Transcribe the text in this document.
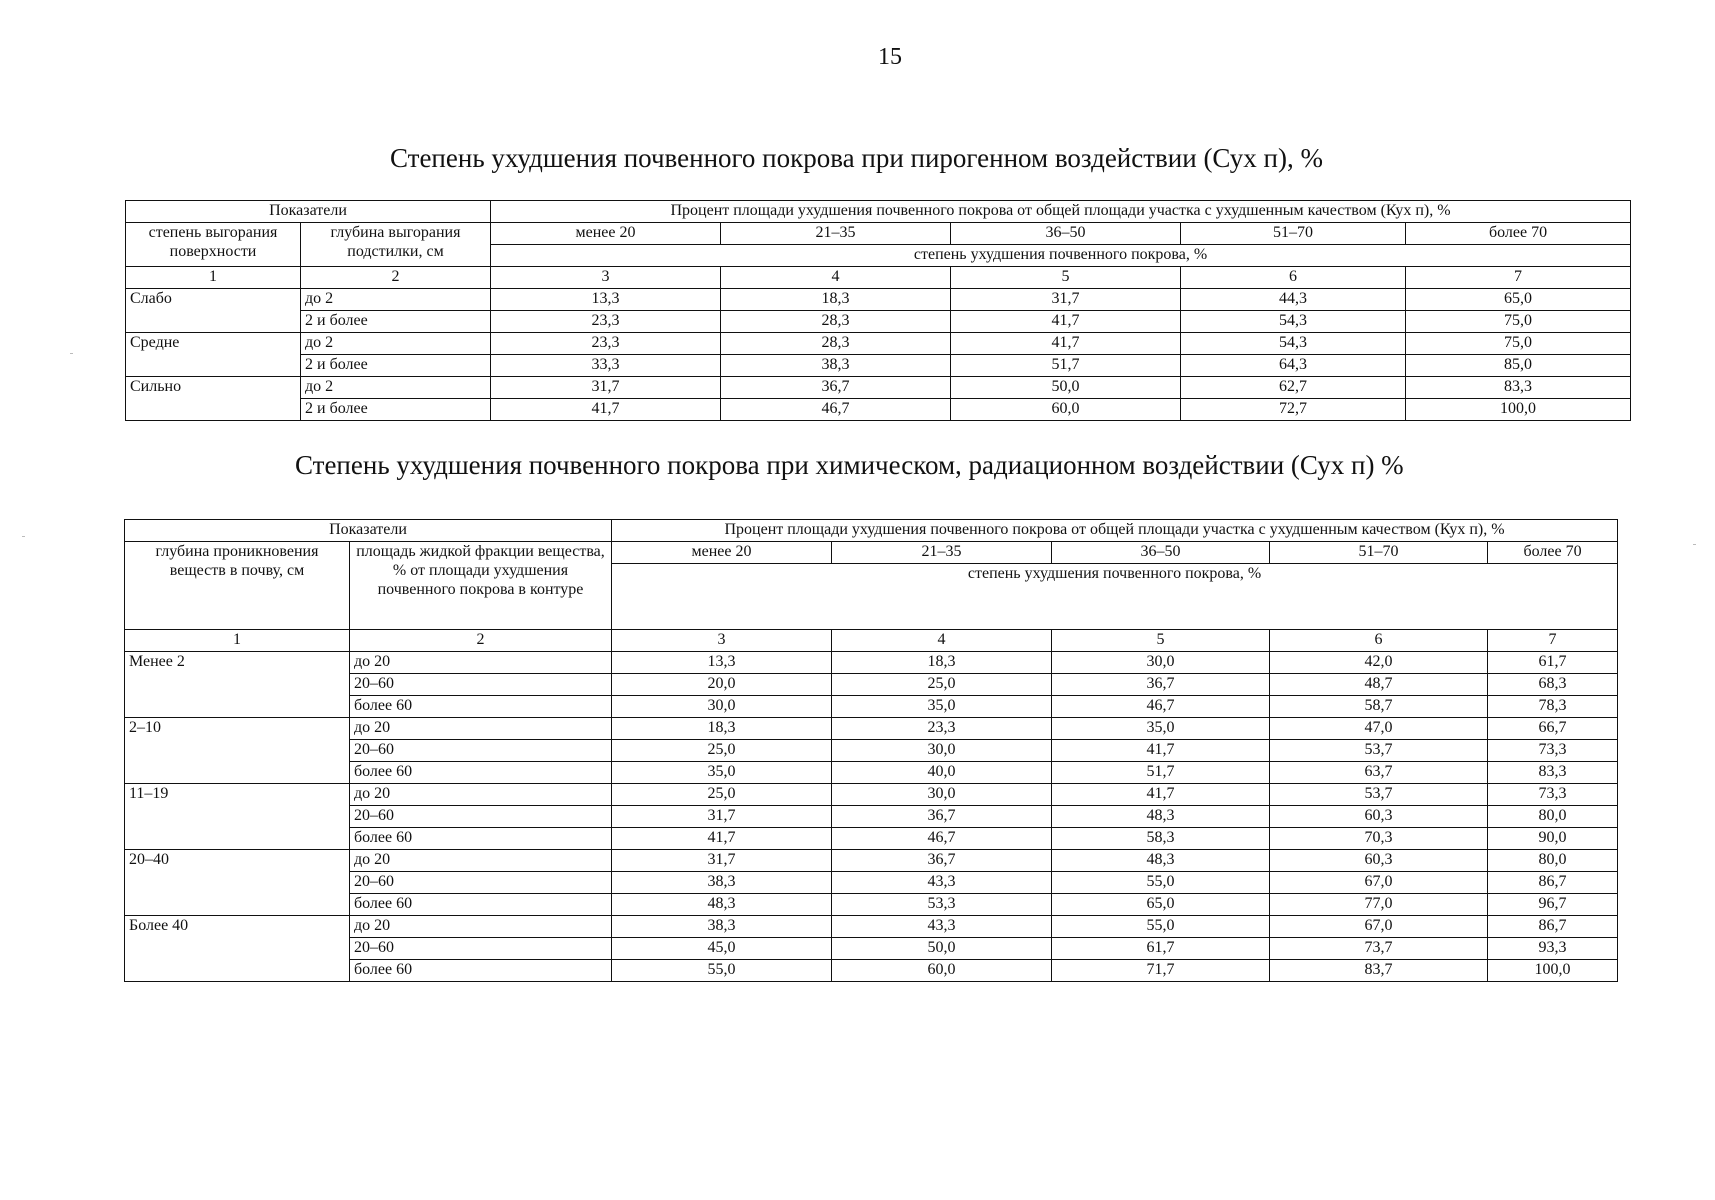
15
Степень ухудшения почвенного покрова при пирогенном воздействии (Сух п), %
Показатели		Процент площади ухудшения почвенного покрова от общей площади участка с ухудшенным качеством (Кух п), %				
степень выгорания поверхности	глубина выгорания подстилки, см	менее 20	21–35	36–50	51–70	более 70
		степень ухудшения почвенного покрова, %				
1	2	3	4	5	6	7
Слабо	до 2	13,3	18,3	31,7	44,3	65,0
	2 и более	23,3	28,3	41,7	54,3	75,0
Средне	до 2	23,3	28,3	41,7	54,3	75,0
	2 и более	33,3	38,3	51,7	64,3	85,0
Сильно	до 2	31,7	36,7	50,0	62,7	83,3
	2 и более	41,7	46,7	60,0	72,7	100,0
Степень ухудшения почвенного покрова при химическом, радиационном воздействии (Сух п) %
Показатели		Процент площади ухудшения почвенного покрова от общей площади участка с ухудшенным качеством (Кух п), %				
глубина проникновения веществ в почву, см	площадь жидкой фракции вещества, % от площади ухудшения почвенного покрова в контуре	менее 20	21–35	36–50	51–70	более 70
		степень ухудшения почвенного покрова, %				
1	2	3	4	5	6	7
Менее 2	до 20	13,3	18,3	30,0	42,0	61,7
	20–60	20,0	25,0	36,7	48,7	68,3
	более 60	30,0	35,0	46,7	58,7	78,3
2–10	до 20	18,3	23,3	35,0	47,0	66,7
	20–60	25,0	30,0	41,7	53,7	73,3
	более 60	35,0	40,0	51,7	63,7	83,3
11–19	до 20	25,0	30,0	41,7	53,7	73,3
	20–60	31,7	36,7	48,3	60,3	80,0
	более 60	41,7	46,7	58,3	70,3	90,0
20–40	до 20	31,7	36,7	48,3	60,3	80,0
	20–60	38,3	43,3	55,0	67,0	86,7
	более 60	48,3	53,3	65,0	77,0	96,7
Более 40	до 20	38,3	43,3	55,0	67,0	86,7
	20–60	45,0	50,0	61,7	73,7	93,3
	более 60	55,0	60,0	71,7	83,7	100,0
